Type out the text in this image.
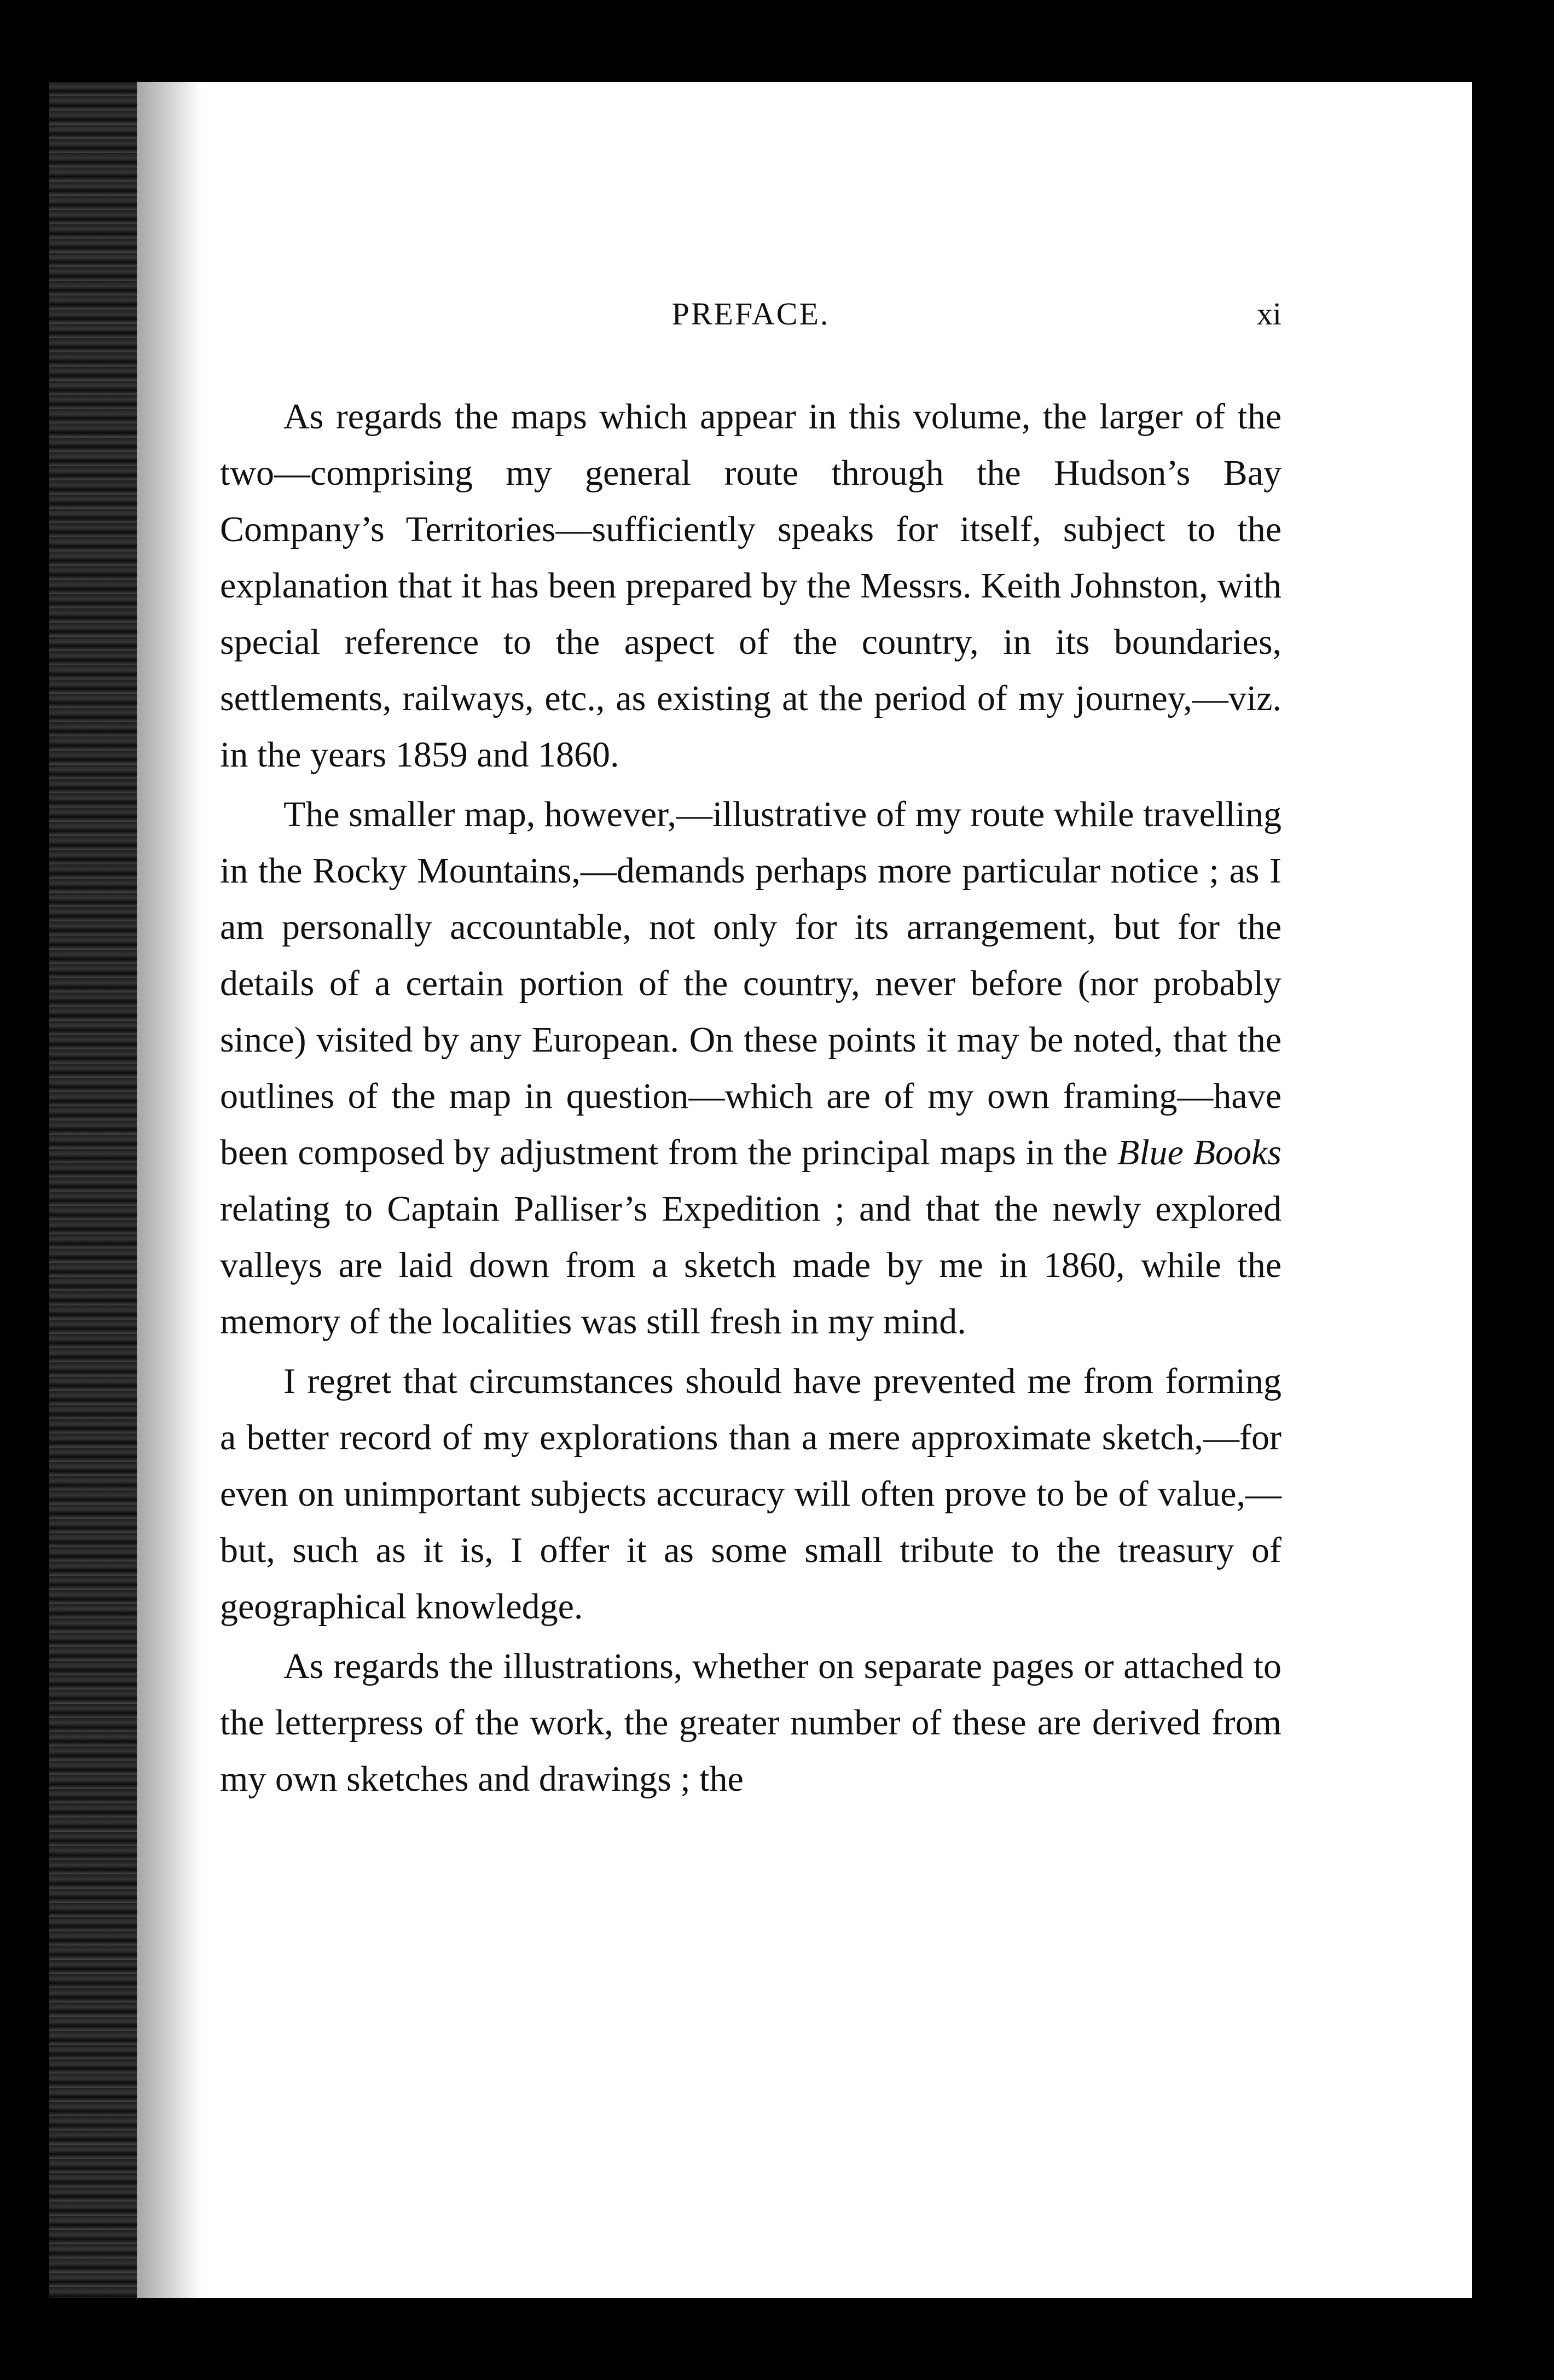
PREFACE.	xi

As regards the maps which appear in this volume, the larger of the two—comprising my general route through the Hudson’s Bay Company’s Territories—sufficiently speaks for itself, subject to the explanation that it has been prepared by the Messrs. Keith Johnston, with special reference to the aspect of the country, in its boundaries, settlements, railways, etc., as existing at the period of my journey,—viz. in the years 1859 and 1860.

The smaller map, however,—illustrative of my route while travelling in the Rocky Mountains,—demands perhaps more particular notice ; as I am personally accountable, not only for its arrangement, but for the details of a certain portion of the country, never before (nor probably since) visited by any European. On these points it may be noted, that the outlines of the map in question—which are of my own framing—have been composed by adjustment from the principal maps in the Blue Books relating to Captain Palliser’s Expedition ; and that the newly explored valleys are laid down from a sketch made by me in 1860, while the memory of the localities was still fresh in my mind.

I regret that circumstances should have prevented me from forming a better record of my explorations than a mere approximate sketch,—for even on unimportant subjects accuracy will often prove to be of value,—but, such as it is, I offer it as some small tribute to the treasury of geographical knowledge.

As regards the illustrations, whether on separate pages or attached to the letterpress of the work, the greater number of these are derived from my own sketches and drawings ; the
